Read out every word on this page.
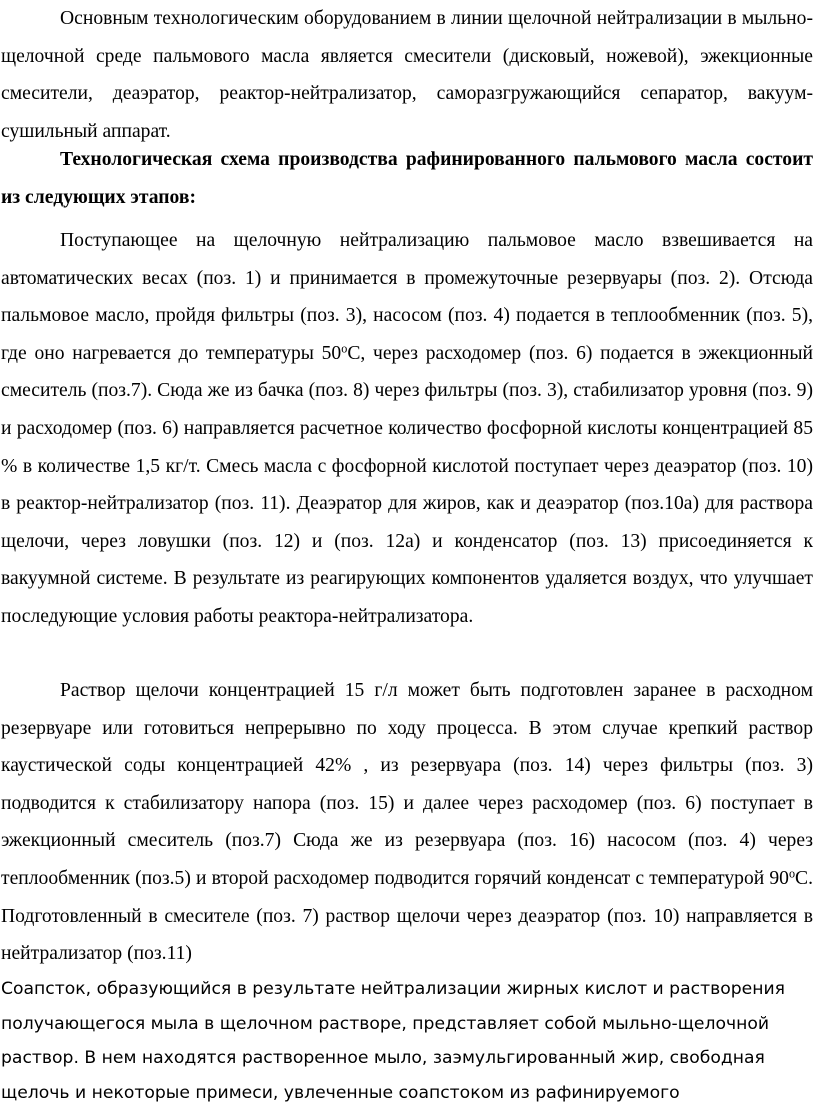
Основным технологическим оборудованием в линии щелочной нейтрализации в мыльно-щелочной среде пальмового масла является смесители (дисковый, ножевой), эжекционные смесители, деаэратор, реактор-нейтрализатор, саморазгружающийся сепаратор, вакуум-сушильный аппарат.

Технологическая схема производства рафинированного пальмового масла состоит из следующих этапов:

Поступающее на щелочную нейтрализацию пальмовое масло взвешивается на автоматических весах (поз. 1) и принимается в промежуточные резервуары (поз. 2). Отсюда пальмовое масло, пройдя фильтры (поз. 3), насосом (поз. 4) подается в теплообменник (поз. 5), где оно нагревается до температуры 50$^o$С, через расходомер (поз. 6) подается в эжекционный смеситель (поз.7). Сюда же из бачка (поз. 8) через фильтры (поз. 3), стабилизатор уровня (поз. 9) и расходомер (поз. 6) направляется расчетное количество фосфорной кислоты концентрацией 85 % в количестве 1,5 кг/т. Смесь масла с фосфорной кислотой поступает через деаэратор (поз. 10) в реактор-нейтрализатор (поз. 11). Деаэратор для жиров, как и деаэратор (поз.10а) для раствора щелочи, через ловушки (поз. 12) и (поз. 12а) и конденсатор (поз. 13) присоединяется к вакуумной системе. В результате из реагирующих компонентов удаляется воздух, что улучшает последующие условия работы реактора-нейтрализатора.

Раствор щелочи концентрацией 15 г/л может быть подготовлен заранее в расходном резервуаре или готовиться непрерывно по ходу процесса. В этом случае крепкий раствор каустической соды концентрацией 42% , из резервуара (поз. 14) через фильтры (поз. 3) подводится к стабилизатору напора (поз. 15) и далее через расходомер (поз. 6) поступает в эжекционный смеситель (поз.7) Сюда же из резервуара (поз. 16) насосом (поз. 4) через теплообменник (поз.5) и второй расходомер подводится горячий конденсат с температурой 90$^o$С. Подготовленный в смесителе (поз. 7) раствор щелочи через деаэратор (поз. 10) направляется в нейтрализатор (поз.11)

Соапсток, образующийся в результате нейтрализации жирных кислот и растворения получающегося мыла в щелочном растворе, представляет собой мыльно-щелочной раствор. В нем находятся растворенное мыло, заэмульгированный жир, свободная щелочь и некоторые примеси, увлеченные соапстоком из рафинируемого
